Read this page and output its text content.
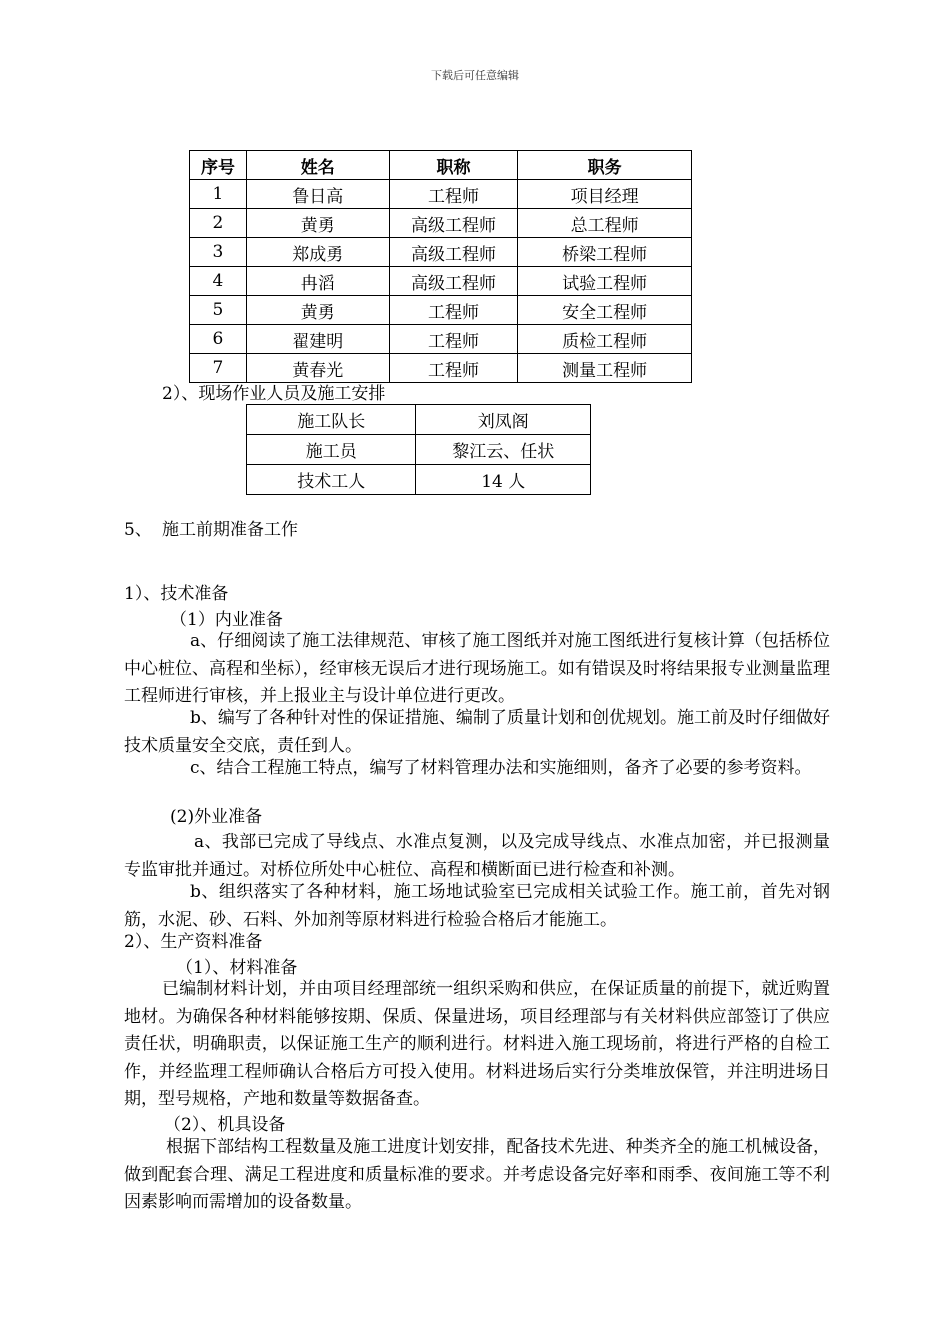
下载后可任意编辑
序号	姓名	职称	职务
1	鲁日高	工程师	项目经理
2	黄勇	高级工程师	总工程师
3	郑成勇	高级工程师	桥梁工程师
4	冉滔	高级工程师	试验工程师
5	黄勇	工程师	安全工程师
6	翟建明	工程师	质检工程师
7	黄春光	工程师	测量工程师
2）、现场作业人员及施工安排
施工队长	刘凤阁
施工员	黎江云、任状
技术工人	14 人
5、 施工前期准备工作
1）、技术准备
（1）内业准备
a、仔细阅读了施工法律规范、审核了施工图纸并对施工图纸进行复核计算（包括桥位中心桩位、高程和坐标），经审核无误后才进行现场施工。如有错误及时将结果报专业测量监理工程师进行审核，并上报业主与设计单位进行更改。
b、编写了各种针对性的保证措施、编制了质量计划和创优规划。施工前及时仔细做好技术质量安全交底，责任到人。
c、结合工程施工特点，编写了材料管理办法和实施细则，备齐了必要的参考资料。
(2)外业准备
a、我部已完成了导线点、水准点复测，以及完成导线点、水准点加密，并已报测量专监审批并通过。对桥位所处中心桩位、高程和横断面已进行检查和补测。
b、组织落实了各种材料，施工场地试验室已完成相关试验工作。施工前，首先对钢筋，水泥、砂、石料、外加剂等原材料进行检验合格后才能施工。
2）、生产资料准备
（1）、材料准备
已编制材料计划，并由项目经理部统一组织采购和供应，在保证质量的前提下，就近购置地材。为确保各种材料能够按期、保质、保量进场，项目经理部与有关材料供应部签订了供应责任状，明确职责，以保证施工生产的顺利进行。材料进入施工现场前，将进行严格的自检工作，并经监理工程师确认合格后方可投入使用。材料进场后实行分类堆放保管，并注明进场日期，型号规格，产地和数量等数据备查。
（2）、机具设备
根据下部结构工程数量及施工进度计划安排，配备技术先进、种类齐全的施工机械设备，做到配套合理、满足工程进度和质量标准的要求。并考虑设备完好率和雨季、夜间施工等不利因素影响而需增加的设备数量。
